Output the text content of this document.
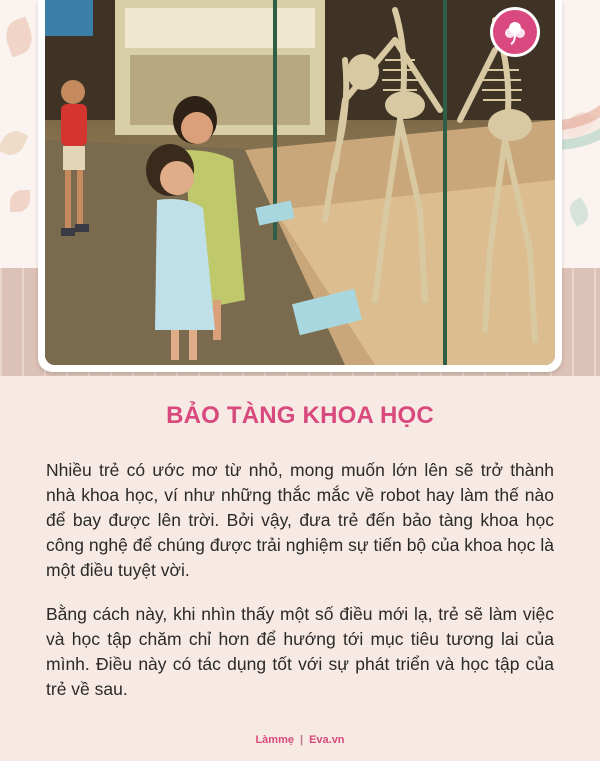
BẢO TÀNG KHOA HỌC

Nhiều trẻ có ước mơ từ nhỏ, mong muốn lớn lên sẽ trở thành nhà khoa học, ví như những thắc mắc về robot hay làm thế nào để bay được lên trời. Bởi vậy, đưa trẻ đến bảo tàng khoa học công nghệ để chúng được trải nghiệm sự tiến bộ của khoa học là một điều tuyệt vời.

Bằng cách này, khi nhìn thấy một số điều mới lạ, trẻ sẽ làm việc và học tập chăm chỉ hơn để hướng tới mục tiêu tương lai của mình. Điều này có tác dụng tốt với sự phát triển và học tập của trẻ về sau.

Làmmẹ | Eva.vn
